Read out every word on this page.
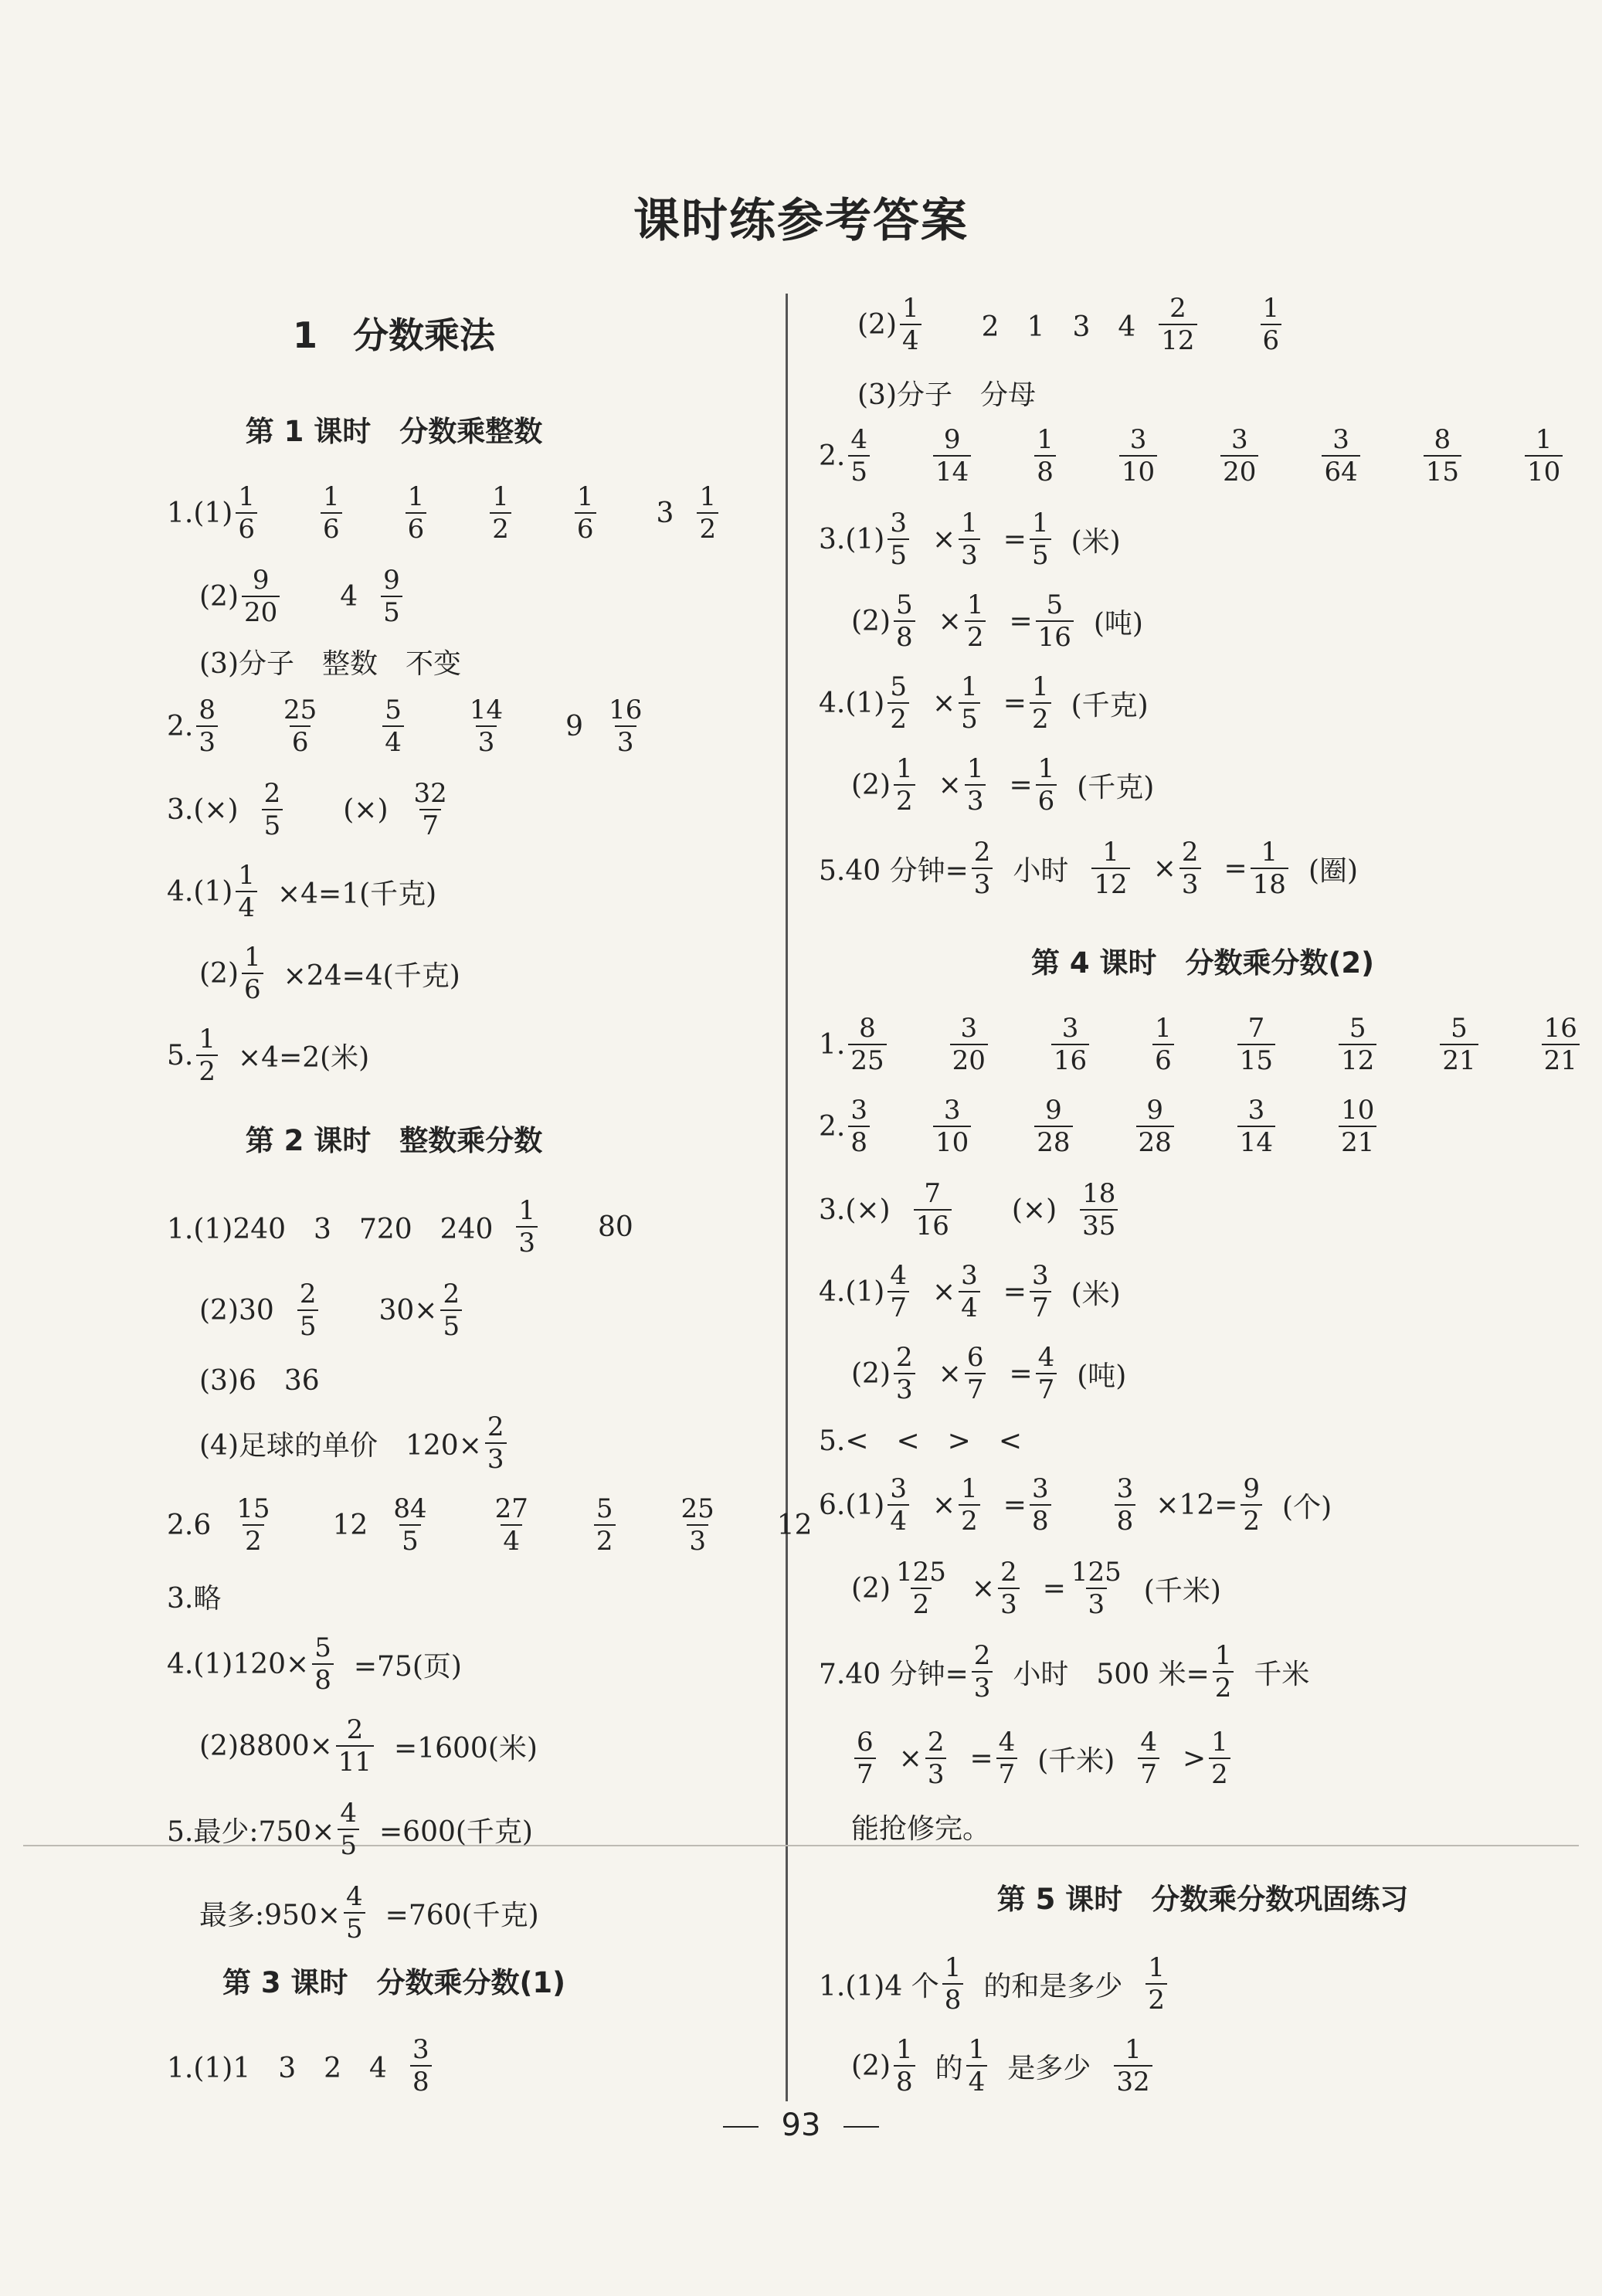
课时练参考答案
1　分数乘法
第 1 课时　分数乘整数
$1.(1) \frac{1}{6} \frac{1}{6} \frac{1}{6} \frac{1}{2} \frac{1}{6} 3 \frac{1}{2}$
$(2) \frac{9}{20} 4 \frac{9}{5}$
(3)分子　整数　不变
2. $\frac{8}{3} \frac{25}{6} \frac{5}{4} \frac{14}{3} 9 \frac{16}{3}$
$3.(\times) \frac{2}{5}$ (×) $\frac{32}{7}$
$4.(1) \frac{1}{4} \times 4=1$(千克)
$(2) \frac{1}{6} \times 24=4$(千克)
5. $\frac{1}{2} \times 4=2$(米)
第 2 课时　整数乘分数
1.(1)240　3　720　$240 \frac{1}{3} 80$
$(2)30 \frac{2}{5} 30\times \frac{2}{5}$
(3)6　36
(4)足球的单价　$120\times \frac{2}{3}$
$2.6 \frac{15}{2} 12 \frac{84}{5} \frac{27}{4} \frac{5}{2} \frac{25}{3} 12$
3.略
$4.(1)120\times \frac{5}{8} =75$(页)
$(2)8800\times \frac{2}{11} =1600$(米)
5.最少:750× $\frac{4}{5} =600$(千克)
最多:950× $\frac{4}{5} =760$(千克)
第 3 课时　分数乘分数(1)
1.(1)1　3　2　$4 \frac{3}{8}$
$(2) \frac{1}{4} 2$　1　3　$4 \frac{2}{12} \frac{1}{6}$
(3)分子　分母
2. $\frac{4}{5} \frac{9}{14} \frac{1}{8} \frac{3}{10} \frac{3}{20} \frac{3}{64} \frac{8}{15} \frac{1}{10}$
$3.(1) \frac{3}{5} \times \frac{1}{3} = \frac{1}{5}$ (米)
$(2) \frac{5}{8} \times \frac{1}{2} = \frac{5}{16}$ (吨)
$4.(1) \frac{5}{2} \times \frac{1}{5} = \frac{1}{2}$ (千克)
$(2) \frac{1}{2} \times \frac{1}{3} = \frac{1}{6}$ (千克)
5.40 分钟= $\frac{2}{3}$ 小时 $\frac{1}{12} \times \frac{2}{3} = \frac{1}{18}$ (圈)
第 4 课时　分数乘分数(2)
1. $\frac{8}{25} \frac{3}{20} \frac{3}{16} \frac{1}{6} \frac{7}{15} \frac{5}{12} \frac{5}{21} \frac{16}{21}$
2. $\frac{3}{8} \frac{3}{10} \frac{9}{28} \frac{9}{28} \frac{3}{14} \frac{10}{21}$
$3.(\times) \frac{7}{16}$ (×) $\frac{18}{35}$
$4.(1) \frac{4}{7} \times \frac{3}{4} = \frac{3}{7}$ (米)
$(2) \frac{2}{3} \times \frac{6}{7} = \frac{4}{7}$ (吨)
5.<　<　>　<
$6.(1) \frac{3}{4} \times \frac{1}{2} = \frac{3}{8} \frac{3}{8} \times 12= \frac{9}{2}$ (个)
$(2) \frac{125}{2} \times \frac{2}{3} = \frac{125}{3}$ (千米)
7.40 分钟= $\frac{2}{3}$ 小时　500 米= $\frac{1}{2}$ 千米
$\frac{6}{7} \times \frac{2}{3} = \frac{4}{7}$ (千米) $\frac{4}{7} > \frac{1}{2}$
能抢修完。
第 5 课时　分数乘分数巩固练习
1.(1)4 个 $\frac{1}{8}$ 的和是多少 $\frac{1}{2}$
$(2) \frac{1}{8}$ 的 $\frac{1}{4}$ 是多少 $\frac{1}{32}$
93
